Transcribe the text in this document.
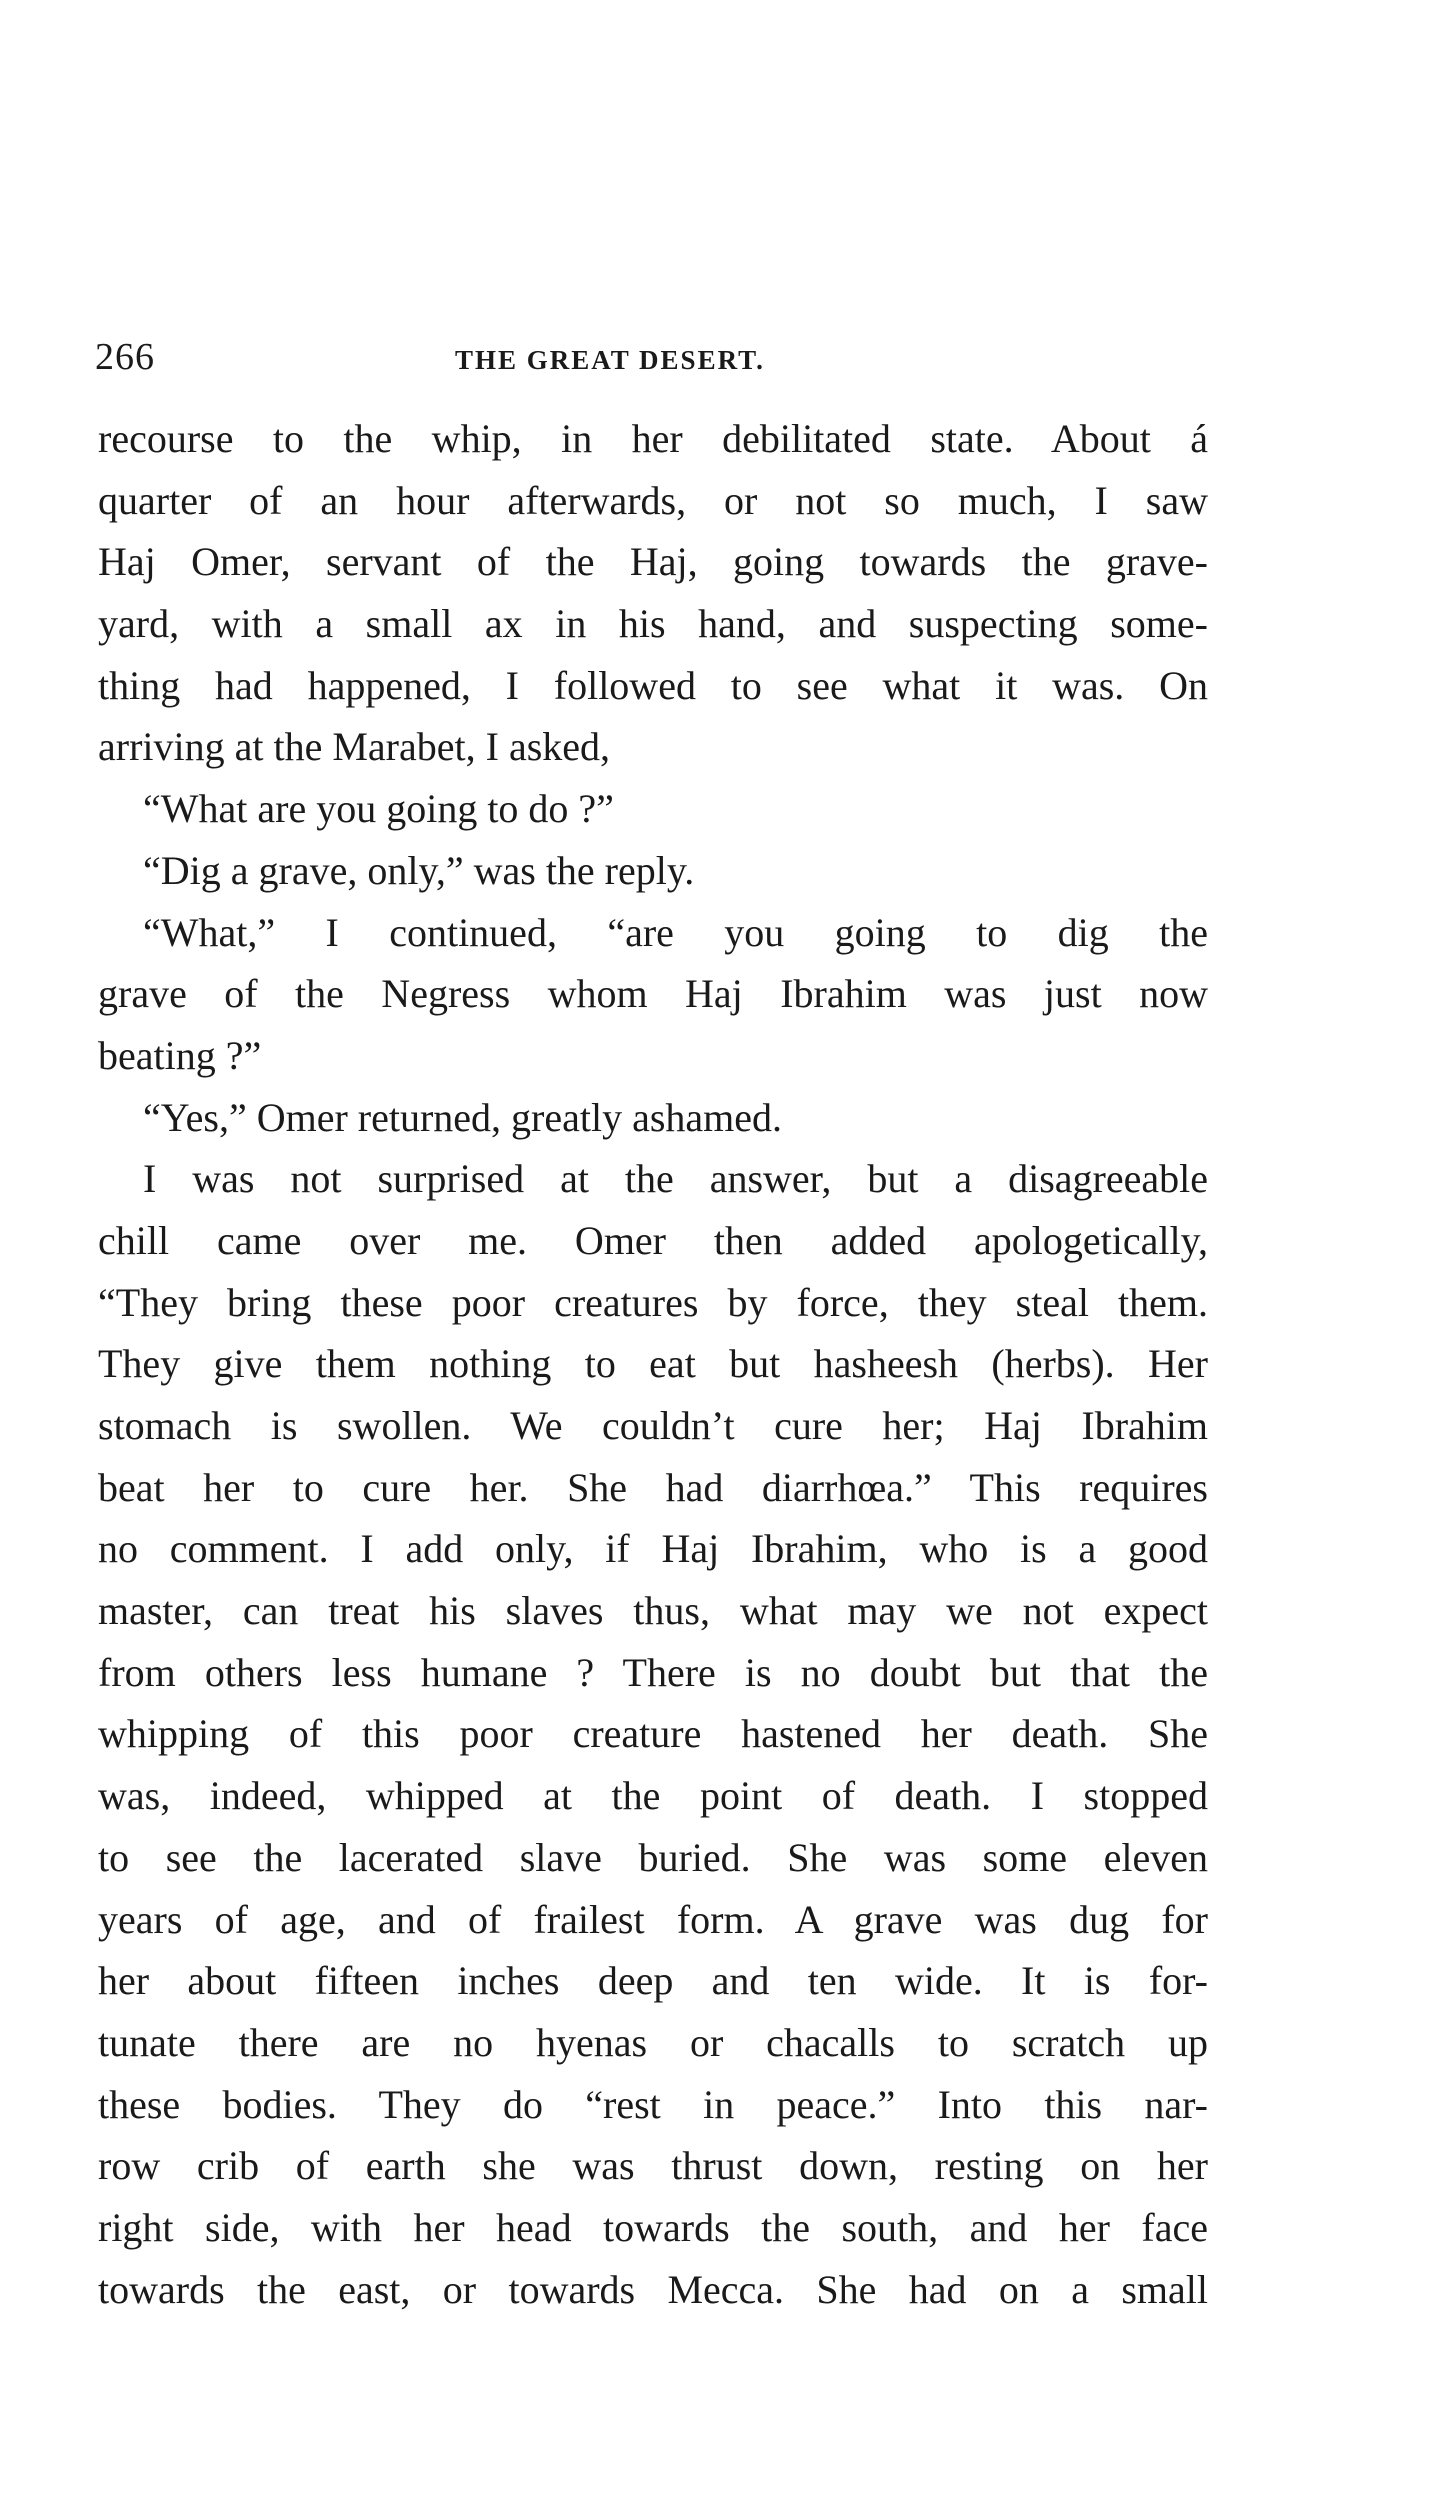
266	THE GREAT DESERT.
recourse to the whip, in her debilitated state. About á
quarter of an hour afterwards, or not so much, I saw
Haj Omer, servant of the Haj, going towards the grave-
yard, with a small ax in his hand, and suspecting some-
thing had happened, I followed to see what it was. On
arriving at the Marabet, I asked,
“What are you going to do ?”
“Dig a grave, only,” was the reply.
“What,” I continued, “are you going to dig the
grave of the Negress whom Haj Ibrahim was just now
beating ?”
“Yes,” Omer returned, greatly ashamed.
I was not surprised at the answer, but a disagreeable
chill came over me. Omer then added apologetically,
“They bring these poor creatures by force, they steal them.
They give them nothing to eat but hasheesh (herbs). Her
stomach is swollen. We couldn’t cure her; Haj Ibrahim
beat her to cure her. She had diarrhœa.” This requires
no comment. I add only, if Haj Ibrahim, who is a good
master, can treat his slaves thus, what may we not expect
from others less humane ? There is no doubt but that the
whipping of this poor creature hastened her death. She
was, indeed, whipped at the point of death. I stopped
to see the lacerated slave buried. She was some eleven
years of age, and of frailest form. A grave was dug for
her about fifteen inches deep and ten wide. It is for-
tunate there are no hyenas or chacalls to scratch up
these bodies. They do “rest in peace.” Into this nar-
row crib of earth she was thrust down, resting on her
right side, with her head towards the south, and her face
towards the east, or towards Mecca. She had on a small
